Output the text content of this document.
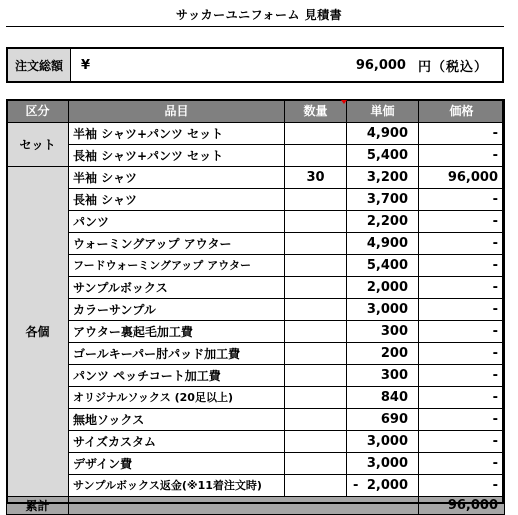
サッカーユニフォーム 見積書
注文総額	¥	96,000 円（税込）
区分	品目	数量	単価	価格
セット	半袖 シャツ+パンツ セット		4,900	-
	長袖 シャツ+パンツ セット		5,400	-
各個	半袖 シャツ	30	3,200	96,000
	長袖 シャツ		3,700	-
	パンツ		2,200	-
	ウォーミングアップ アウター		4,900	-
	フードウォーミングアップ アウター		5,400	-
	サンプルボックス		2,000	-
	カラーサンプル		3,000	-
	アウター裏起毛加工費		300	-
	ゴールキーパー肘パッド加工費		200	-
	パンツ ペッチコート加工費		300	-
	オリジナルソックス (20足以上)		840	-
	無地ソックス		690	-
	サイズカスタム		3,000	-
	デザイン費		3,000	-
	サンプルボックス返金(※11着注文時)		- 2,000	-
累計				96,000
